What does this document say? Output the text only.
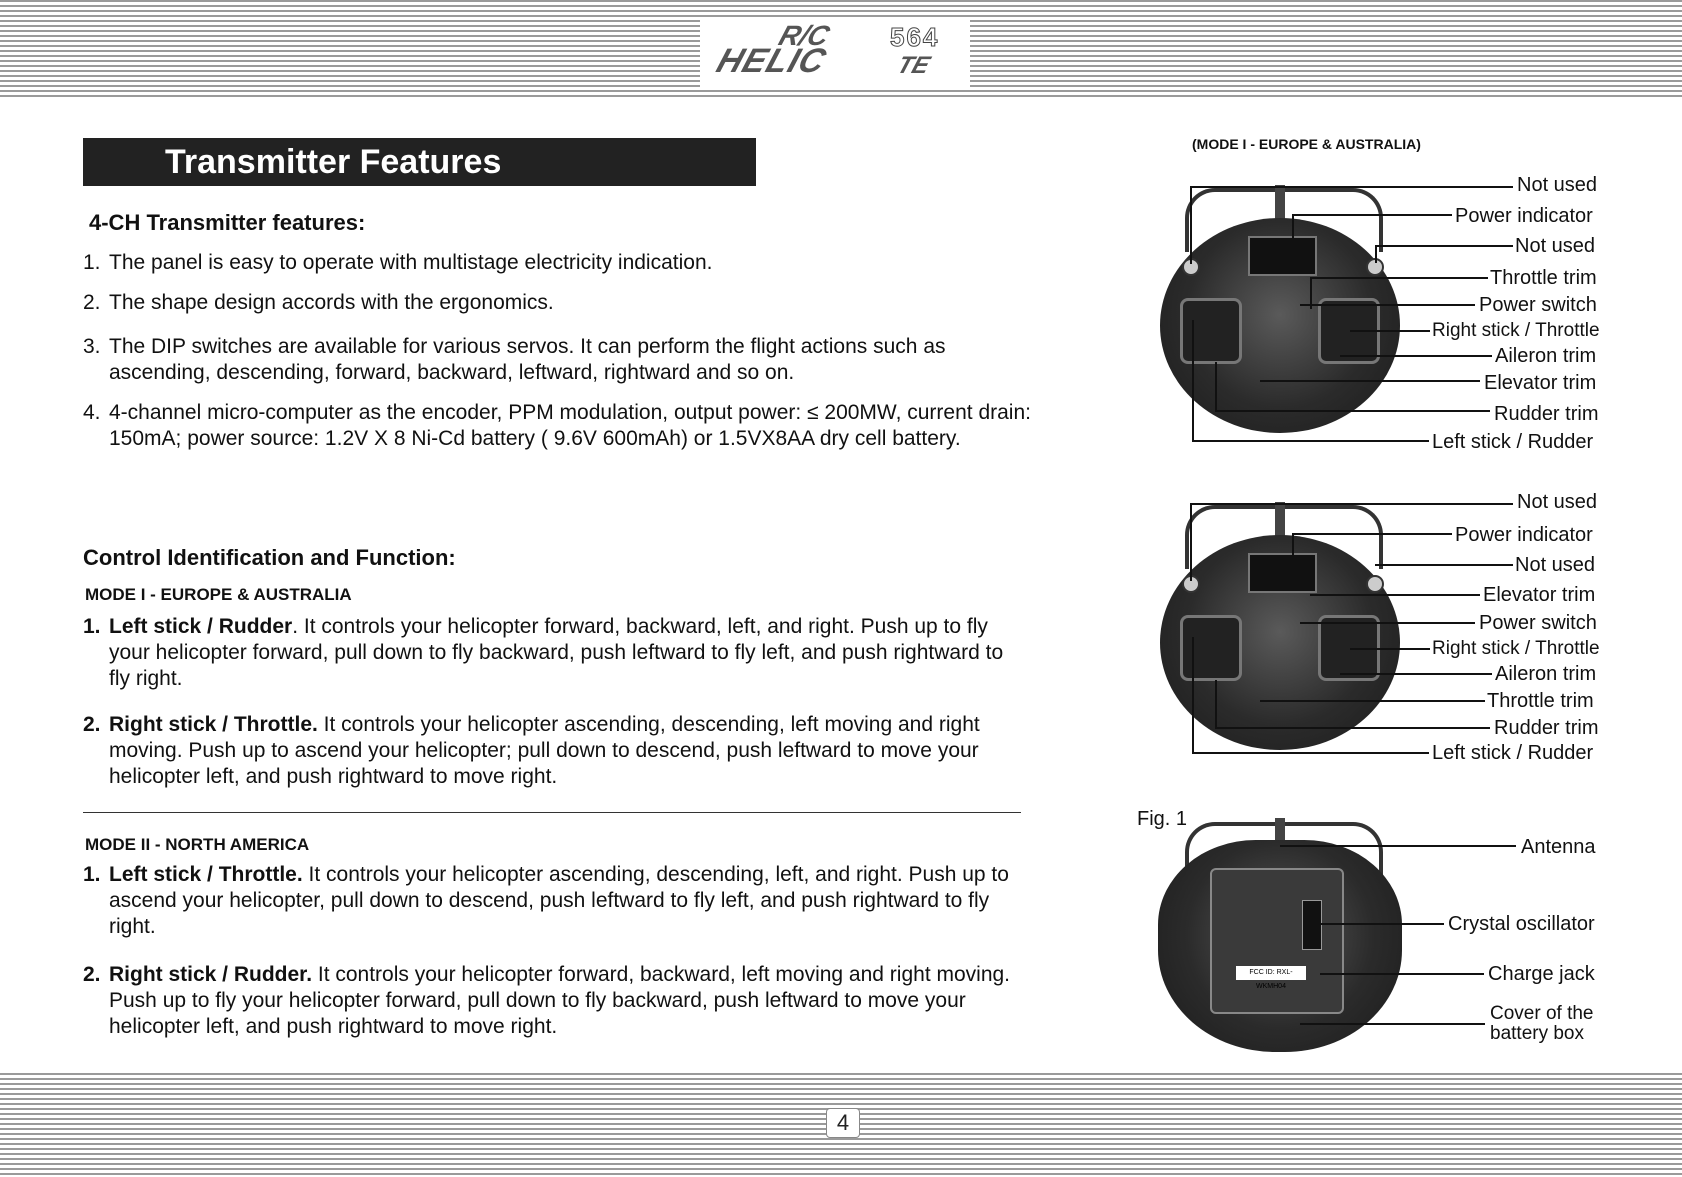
R/C
HELIC
564
TE
4
Transmitter Features
4-CH Transmitter features:
1. The panel is easy to operate with multistage electricity indication.
2. The shape design accords with the ergonomics.
3. The DIP switches are available for various servos. It can perform the flight actions such as ascending, descending, forward, backward, leftward, rightward and so on.
4. 4-channel micro-computer as the encoder, PPM modulation, output power: ≤ 200MW, current drain: 150mA; power source: 1.2V X 8 Ni-Cd battery ( 9.6V 600mAh) or 1.5VX8AA dry cell battery.
Control Identification and Function:
MODE I - EUROPE & AUSTRALIA
1. Left stick / Rudder. It controls your helicopter forward, backward, left, and right. Push up to fly your helicopter forward, pull down to fly backward, push leftward to fly left, and push rightward to fly right.
2. Right stick / Throttle. It controls your helicopter ascending, descending, left moving and right moving. Push up to ascend your helicopter; pull down to descend, push leftward to move your helicopter left, and push rightward to move right.
MODE II - NORTH AMERICA
1. Left stick / Throttle. It controls your helicopter ascending, descending, left, and right. Push up to ascend your helicopter, pull down to descend, push leftward to fly left, and push rightward to fly right.
2. Right stick / Rudder. It controls your helicopter forward, backward, left moving and right moving. Push up to fly your helicopter forward, pull down to fly backward, push leftward to move your helicopter left, and push rightward to move right.
(MODE I - EUROPE & AUSTRALIA)
Not used
Power indicator
Not used
Throttle trim
Power switch
Right stick / Throttle
Aileron trim
Elevator trim
Rudder trim
Left stick / Rudder
Not used
Power indicator
Not used
Elevator trim
Power switch
Right stick / Throttle
Aileron trim
Throttle trim
Rudder trim
Left stick / Rudder
Fig. 1
FCC ID: RXL-WKMH04
Antenna
Crystal oscillator
Charge jack
Cover of the
battery box
